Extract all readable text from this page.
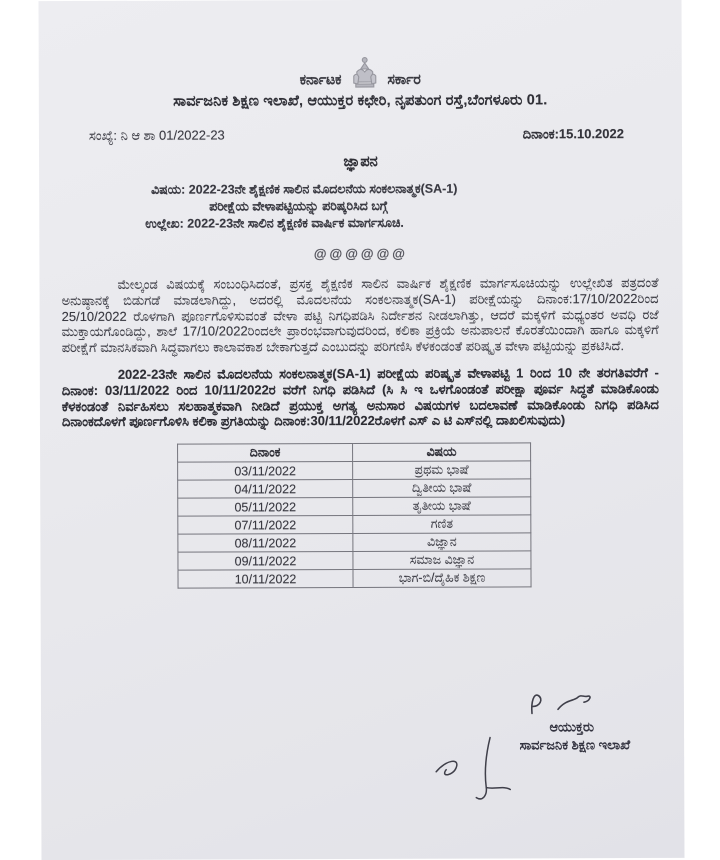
ಕರ್ನಾಟಕ	ಸರ್ಕಾರ
ಸಾರ್ವಜನಿಕ ಶಿಕ್ಷಣ ಇಲಾಖೆ, ಆಯುಕ್ತರ ಕಛೇರಿ, ನೃಪತುಂಗ ರಸ್ತೆ,ಬೆಂಗಳೂರು 01.
ಸಂಖ್ಯೆ: ನಿ ಆ ಶಾ 01/2022-23	ದಿನಾಂಕ:15.10.2022
ಜ್ಞಾಪನ
ವಿಷಯ: 2022-23ನೇ ಶೈಕ್ಷಣಿಕ ಸಾಲಿನ ಮೊದಲನೆಯ ಸಂಕಲನಾತ್ಮಕ(SA-1)
ಪರೀಕ್ಷೆಯ ವೇಳಾಪಟ್ಟಿಯನ್ನು ಪರಿಷ್ಕರಿಸಿದ ಬಗ್ಗೆ
ಉಲ್ಲೇಖ: 2022-23ನೇ ಸಾಲಿನ ಶೈಕ್ಷಣಿಕ ವಾರ್ಷಿಕ ಮಾರ್ಗಸೂಚಿ.
@@@@@@
ಮೇಲ್ಕಂಡ ವಿಷಯಕ್ಕೆ ಸಂಬಂಧಿಸಿದಂತೆ, ಪ್ರಸಕ್ತ ಶೈಕ್ಷಣಿಕ ಸಾಲಿನ ವಾರ್ಷಿಕ ಶೈಕ್ಷಣಿಕ ಮಾರ್ಗಸೂಚಿಯನ್ನು ಉಲ್ಲೇಖಿತ ಪತ್ರದಂತೆ ಅನುಷ್ಠಾನಕ್ಕೆ ಬಿಡುಗಡೆ ಮಾಡಲಾಗಿದ್ದು, ಅದರಲ್ಲಿ ಮೊದಲನೆಯ ಸಂಕಲನಾತ್ಮಕ(SA-1) ಪರೀಕ್ಷೆಯನ್ನು ದಿನಾಂಕ:17/10/2022ರಿಂದ 25/10/2022 ರೊಳಗಾಗಿ ಪೂರ್ಣಗೊಳಿಸುವಂತೆ ವೇಳಾ ಪಟ್ಟಿ ನಿಗಧಿಪಡಿಸಿ ನಿರ್ದೇಶನ ನೀಡಲಾಗಿತ್ತು, ಆದರೆ ಮಕ್ಕಳಿಗೆ ಮಧ್ಯಂತರ ಅವಧಿ ರಜೆ ಮುಕ್ತಾಯಗೊಂಡಿದ್ದು, ಶಾಲೆ 17/10/2022ರಿಂದಲೇ ಪ್ರಾರಂಭವಾಗುವುದರಿಂದ, ಕಲಿಕಾ ಪ್ರಕ್ರಿಯೆ ಅನುಪಾಲನೆ ಕೊರತೆಯಿಂದಾಗಿ ಹಾಗೂ ಮಕ್ಕಳಿಗೆ ಪರೀಕ್ಷೆಗೆ ಮಾನಸಿಕವಾಗಿ ಸಿದ್ಧವಾಗಲು ಕಾಲಾವಕಾಶ ಬೇಕಾಗುತ್ತದೆ ಎಂಬುದನ್ನು ಪರಿಗಣಿಸಿ ಕೆಳಕಂಡಂತೆ ಪರಿಷ್ಕೃತ ವೇಳಾ ಪಟ್ಟಿಯನ್ನು ಪ್ರಕಟಿಸಿದೆ.
2022-23ನೇ ಸಾಲಿನ ಮೊದಲನೆಯ ಸಂಕಲನಾತ್ಮಕ(SA-1) ಪರೀಕ್ಷೆಯ ಪರಿಷ್ಕೃತ ವೇಳಾಪಟ್ಟಿ 1 ರಿಂದ 10 ನೇ ತರಗತಿವರೆಗೆ - ದಿನಾಂಕ: 03/11/2022 ರಿಂದ 10/11/2022ರ ವರೆಗೆ ನಿಗಧಿ ಪಡಿಸಿದೆ (ಸಿ ಸಿ ಇ ಒಳಗೊಂಡಂತೆ ಪರೀಕ್ಷಾ ಪೂರ್ವ ಸಿದ್ಧತೆ ಮಾಡಿಕೊಂಡು ಕೆಳಕಂಡಂತೆ ನಿರ್ವಹಿಸಲು ಸಲಹಾತ್ಮಕವಾಗಿ ನೀಡಿದೆ ಪ್ರಯುಕ್ತ ಅಗತ್ಯ ಅನುಸಾರ ವಿಷಯಗಳ ಬದಲಾವಣೆ ಮಾಡಿಕೊಂಡು ನಿಗಧಿ ಪಡಿಸಿದ ದಿನಾಂಕದೊಳಗೆ ಪೂರ್ಣಗೊಳಿಸಿ ಕಲಿಕಾ ಪ್ರಗತಿಯನ್ನು ದಿನಾಂಕ:30/11/2022ರೊಳಗೆ ಎಸ್ ಎ ಟಿ ಎಸ್‌ನಲ್ಲಿ ದಾಖಲಿಸುವುದು)
ದಿನಾಂಕ	ವಿಷಯ
03/11/2022	ಪ್ರಥಮ ಭಾಷೆ
04/11/2022	ದ್ವಿತೀಯ ಭಾಷೆ
05/11/2022	ತೃತೀಯ ಭಾಷೆ
07/11/2022	ಗಣಿತ
08/11/2022	ವಿಜ್ಞಾನ
09/11/2022	ಸಮಾಜ ವಿಜ್ಞಾನ
10/11/2022	ಭಾಗ-ಬಿ/ದೈಹಿಕ ಶಿಕ್ಷಣ
ಆಯುಕ್ತರು
ಸಾರ್ವಜನಿಕ ಶಿಕ್ಷಣ ಇಲಾಖೆ
